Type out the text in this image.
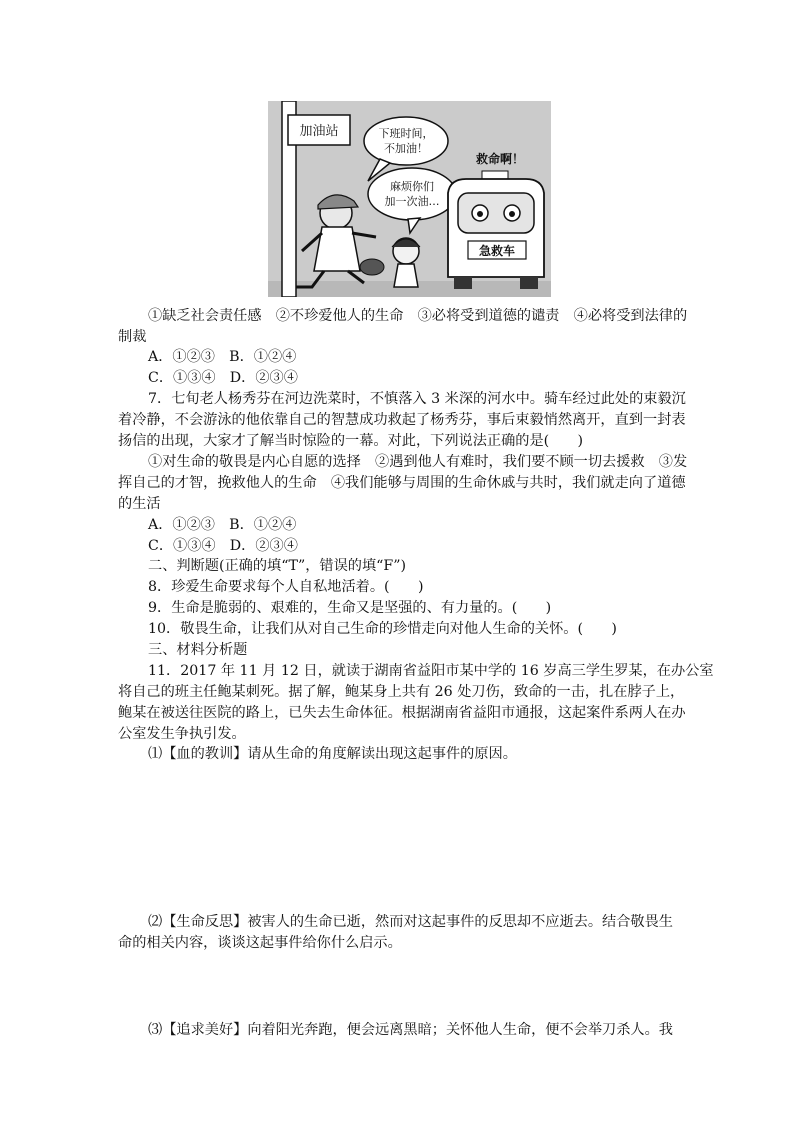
加油站	下班时间，
不加油！
麻烦你们
加一次油…
救命啊！
急救车
①缺乏社会责任感　②不珍爱他人的生命　③必将受到道德的谴责　④必将受到法律的
制裁
A．①②③　B．①②④
C．①③④　D．②③④
7．七旬老人杨秀芬在河边洗菜时，不慎落入 3 米深的河水中。骑车经过此处的束毅沉
着冷静，不会游泳的他依靠自己的智慧成功救起了杨秀芬，事后束毅悄然离开，直到一封表
扬信的出现，大家才了解当时惊险的一幕。对此，下列说法正确的是(　　)
①对生命的敬畏是内心自愿的选择　②遇到他人有难时，我们要不顾一切去援救　③发
挥自己的才智，挽救他人的生命　④我们能够与周围的生命休戚与共时，我们就走向了道德
的生活
A．①②③　B．①②④
C．①③④　D．②③④
二、判断题(正确的填“T”，错误的填“F”)
8．珍爱生命要求每个人自私地活着。(　　)
9．生命是脆弱的、艰难的，生命又是坚强的、有力量的。(　　)
10．敬畏生命，让我们从对自己生命的珍惜走向对他人生命的关怀。(　　)
三、材料分析题
11．2017 年 11 月 12 日，就读于湖南省益阳市某中学的 16 岁高三学生罗某，在办公室
将自己的班主任鲍某刺死。据了解，鲍某身上共有 26 处刀伤，致命的一击，扎在脖子上，
鲍某在被送往医院的路上，已失去生命体征。根据湖南省益阳市通报，这起案件系两人在办
公室发生争执引发。
⑴【血的教训】请从生命的角度解读出现这起事件的原因。
⑵【生命反思】被害人的生命已逝，然而对这起事件的反思却不应逝去。结合敬畏生
命的相关内容，谈谈这起事件给你什么启示。
⑶【追求美好】向着阳光奔跑，便会远离黑暗；关怀他人生命，便不会举刀杀人。我
